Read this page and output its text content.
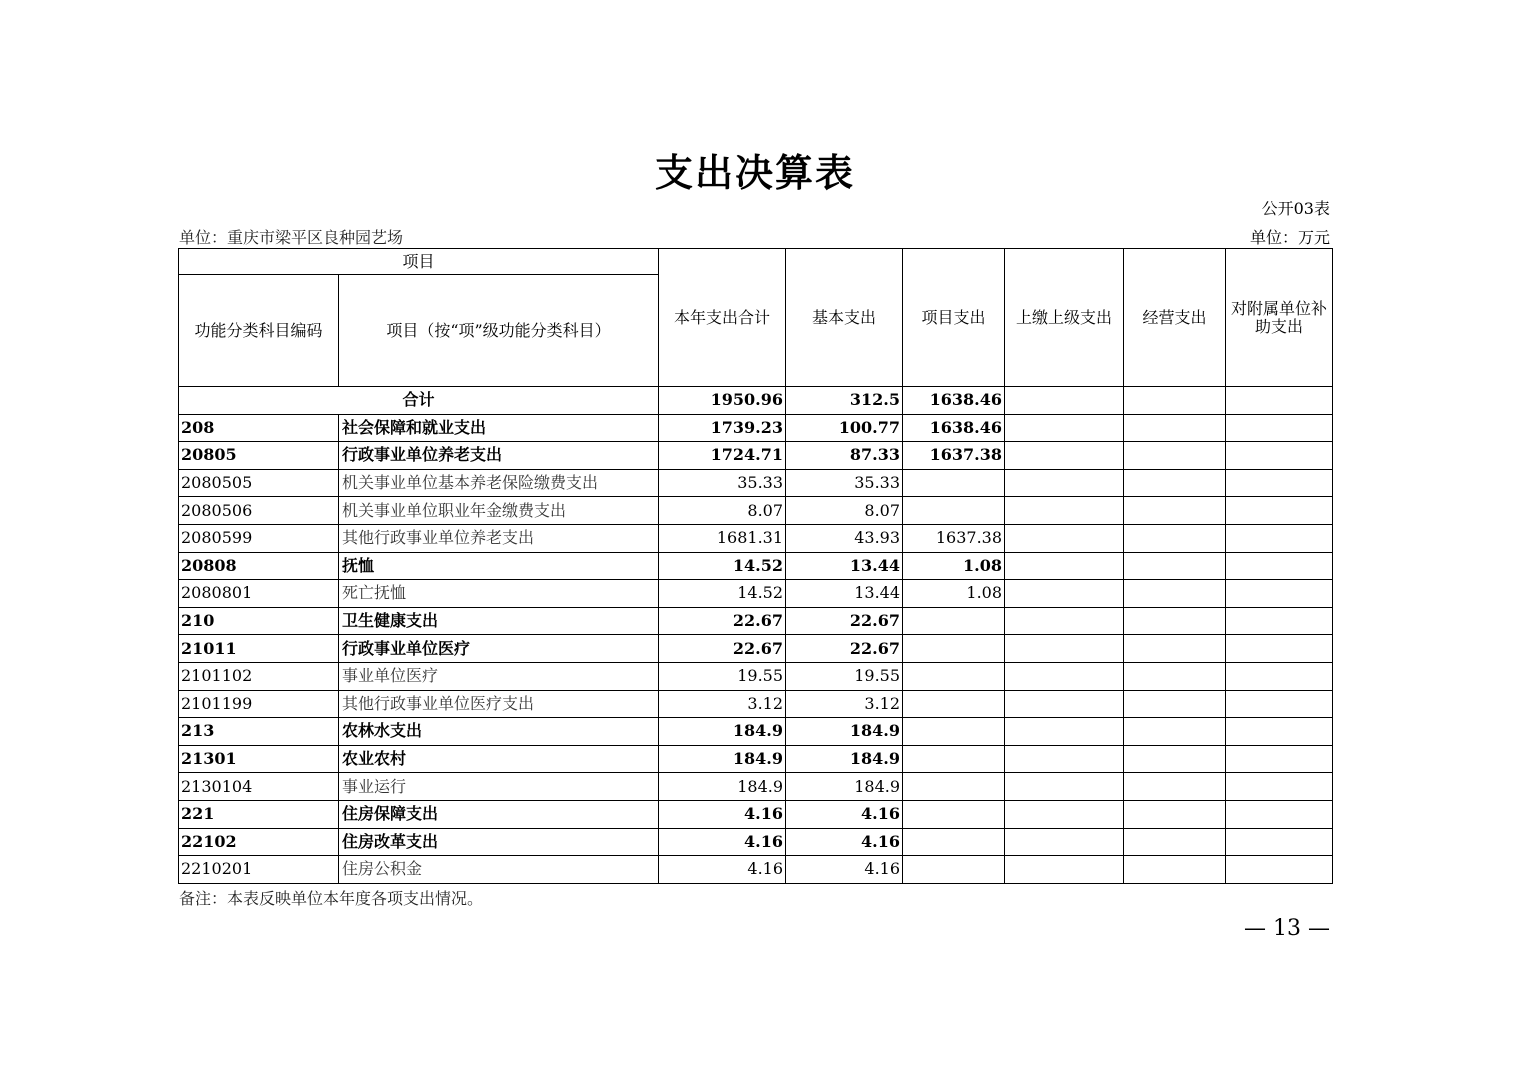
支出决算表
公开03表
单位：重庆市梁平区良种园艺场	单位：万元
项目		本年支出合计	基本支出	项目支出	上缴上级支出	经营支出	对附属单位补助支出
功能分类科目编码	项目（按“项”级功能分类科目）						
合计		1950.96	312.5	1638.46			
208	社会保障和就业支出	1739.23	100.77	1638.46			
20805	行政事业单位养老支出	1724.71	87.33	1637.38			
2080505	机关事业单位基本养老保险缴费支出	35.33	35.33				
2080506	机关事业单位职业年金缴费支出	8.07	8.07				
2080599	其他行政事业单位养老支出	1681.31	43.93	1637.38			
20808	抚恤	14.52	13.44	1.08			
2080801	死亡抚恤	14.52	13.44	1.08			
210	卫生健康支出	22.67	22.67				
21011	行政事业单位医疗	22.67	22.67				
2101102	事业单位医疗	19.55	19.55				
2101199	其他行政事业单位医疗支出	3.12	3.12				
213	农林水支出	184.9	184.9				
21301	农业农村	184.9	184.9				
2130104	事业运行	184.9	184.9				
221	住房保障支出	4.16	4.16				
22102	住房改革支出	4.16	4.16				
2210201	住房公积金	4.16	4.16				
备注：本表反映单位本年度各项支出情况。
— 13 —
